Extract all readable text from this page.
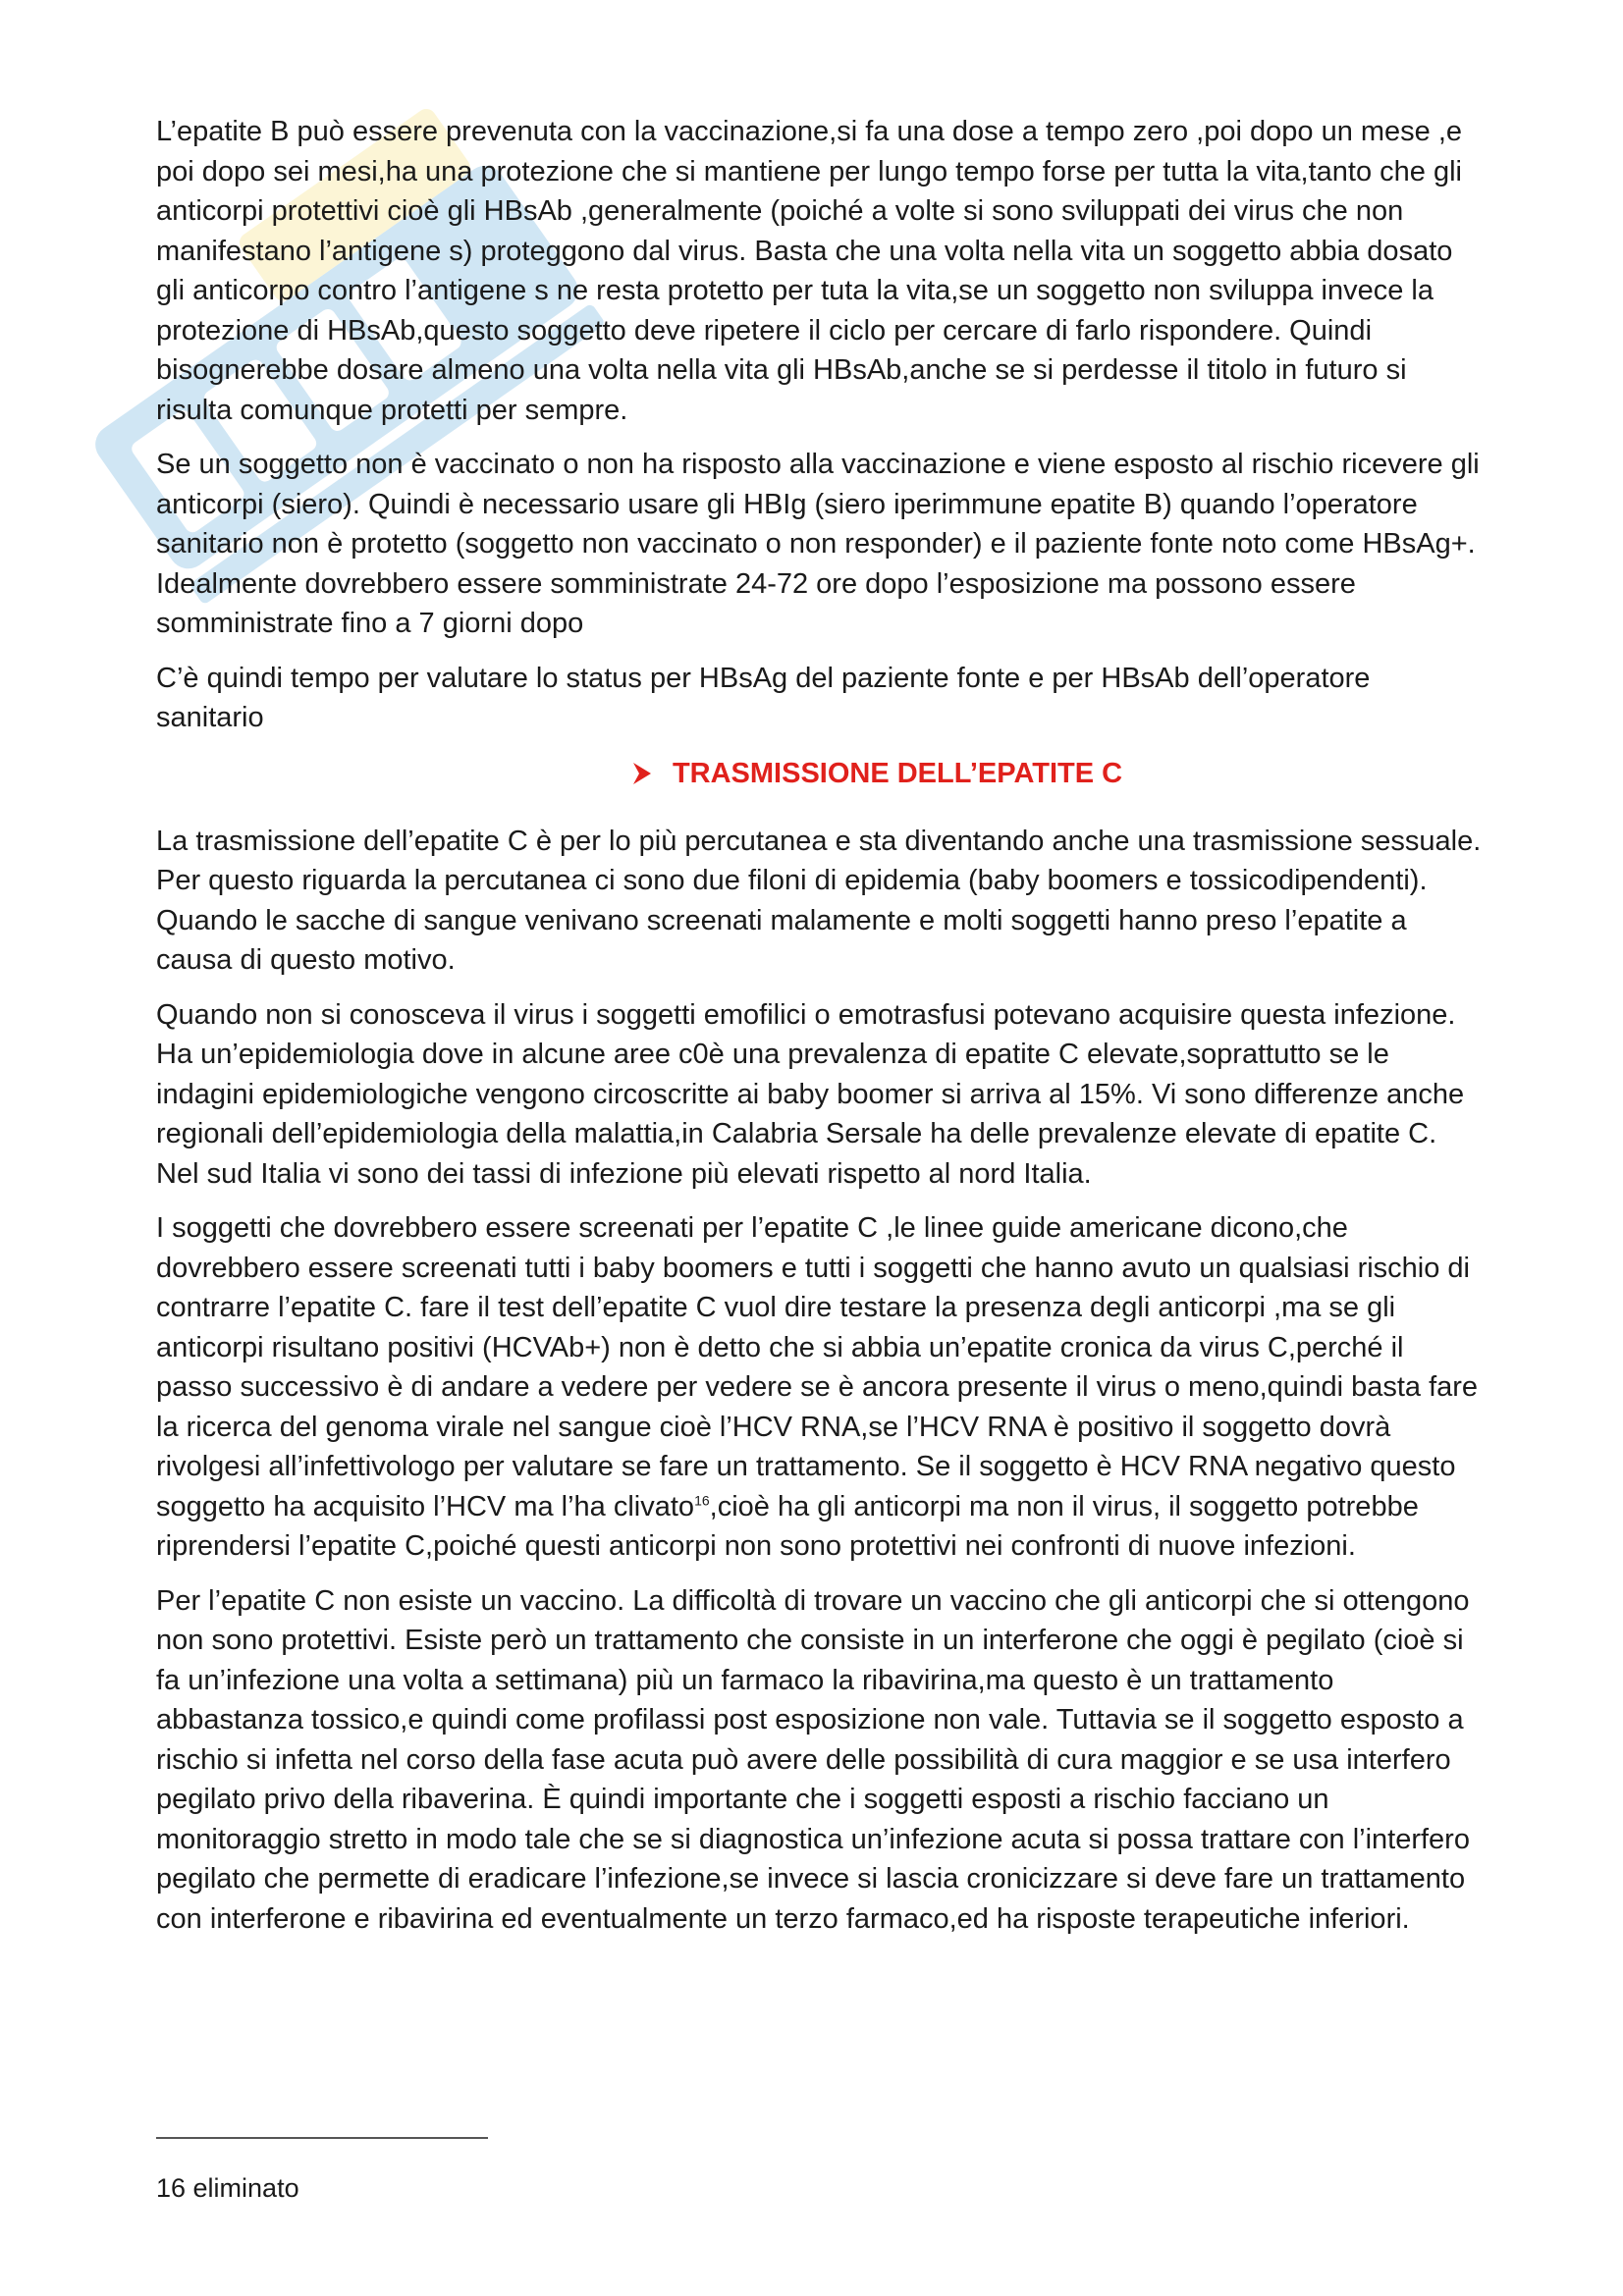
L’epatite B può essere prevenuta con la vaccinazione,si fa una dose a tempo zero ,poi dopo un mese ,e poi dopo sei mesi,ha una protezione che si mantiene per lungo tempo forse per tutta la vita,tanto che gli anticorpi protettivi cioè gli HBsAb ,generalmente (poiché a volte si sono sviluppati dei virus che non manifestano l’antigene s) proteggono dal virus. Basta che una volta nella vita un soggetto abbia dosato gli anticorpo contro l’antigene s ne resta protetto per tuta la vita,se un soggetto non sviluppa invece la protezione di HBsAb,questo soggetto deve ripetere il ciclo per cercare di farlo rispondere. Quindi bisognerebbe dosare almeno una volta nella vita gli HBsAb,anche se si perdesse il titolo in futuro si risulta comunque protetti per sempre.

Se un soggetto non è vaccinato o non ha risposto alla vaccinazione e viene esposto al rischio ricevere gli anticorpi (siero). Quindi è necessario usare gli HBIg (siero iperimmune epatite B) quando l’operatore sanitario non è protetto (soggetto non vaccinato o non responder) e il paziente fonte noto come HBsAg+. Idealmente dovrebbero essere somministrate 24-72 ore dopo l’esposizione ma possono essere somministrate fino a 7 giorni dopo

C’è quindi tempo per valutare lo status per HBsAg del paziente fonte e per HBsAb dell’operatore sanitario

TRASMISSIONE DELL’EPATITE C

La trasmissione dell’epatite C è per lo più percutanea e sta diventando anche una trasmissione sessuale. Per questo riguarda la percutanea ci sono due filoni di epidemia (baby boomers e tossicodipendenti). Quando le sacche di sangue venivano screenati malamente e molti soggetti hanno preso l’epatite a causa di questo motivo.

Quando non si conosceva il virus i soggetti emofilici o emotrasfusi potevano acquisire questa infezione. Ha un’epidemiologia dove in alcune aree c0è una prevalenza di epatite C elevate,soprattutto se le indagini epidemiologiche vengono circoscritte ai baby boomer si arriva al 15%. Vi sono differenze anche regionali dell’epidemiologia della malattia,in Calabria Sersale ha delle prevalenze elevate di epatite C. Nel sud Italia vi sono dei tassi di infezione più elevati rispetto al nord Italia.

I soggetti che dovrebbero essere screenati per l’epatite C ,le linee guide americane dicono,che dovrebbero essere screenati tutti i baby boomers e tutti i soggetti che hanno avuto un qualsiasi rischio di contrarre l’epatite C. fare il test dell’epatite C vuol dire testare la presenza degli anticorpi ,ma se gli anticorpi risultano positivi (HCVAb+) non è detto che si abbia un’epatite cronica da virus C,perché il passo successivo è di andare a vedere per vedere se è ancora presente il virus o meno,quindi basta fare la ricerca del genoma virale nel sangue cioè l’HCV RNA,se l’HCV RNA è positivo il soggetto dovrà rivolgesi all’infettivologo per valutare se fare un trattamento. Se il soggetto è HCV RNA negativo questo soggetto ha acquisito l’HCV ma l’ha clivato$^{16}$,cioè ha gli anticorpi ma non il virus, il soggetto potrebbe riprendersi l’epatite C,poiché questi anticorpi non sono protettivi nei confronti di nuove infezioni.

Per l’epatite C non esiste un vaccino. La difficoltà di trovare un vaccino che gli anticorpi che si ottengono non sono protettivi. Esiste però un trattamento che consiste in un interferone che oggi è pegilato (cioè si fa un’infezione una volta a settimana) più un farmaco la ribavirina,ma questo è un trattamento abbastanza tossico,e quindi come profilassi post esposizione non vale. Tuttavia se il soggetto esposto a rischio si infetta nel corso della fase acuta può avere delle possibilità di cura maggior e se usa interfero pegilato privo della ribaverina. È quindi importante che i soggetti esposti a rischio facciano un monitoraggio stretto in modo tale che se si diagnostica un’infezione acuta si possa trattare con l’interfero pegilato che permette di eradicare l’infezione,se invece si lascia cronicizzare si deve fare un trattamento con interferone e ribavirina ed eventualmente un terzo farmaco,ed ha risposte terapeutiche inferiori.

16 eliminato
